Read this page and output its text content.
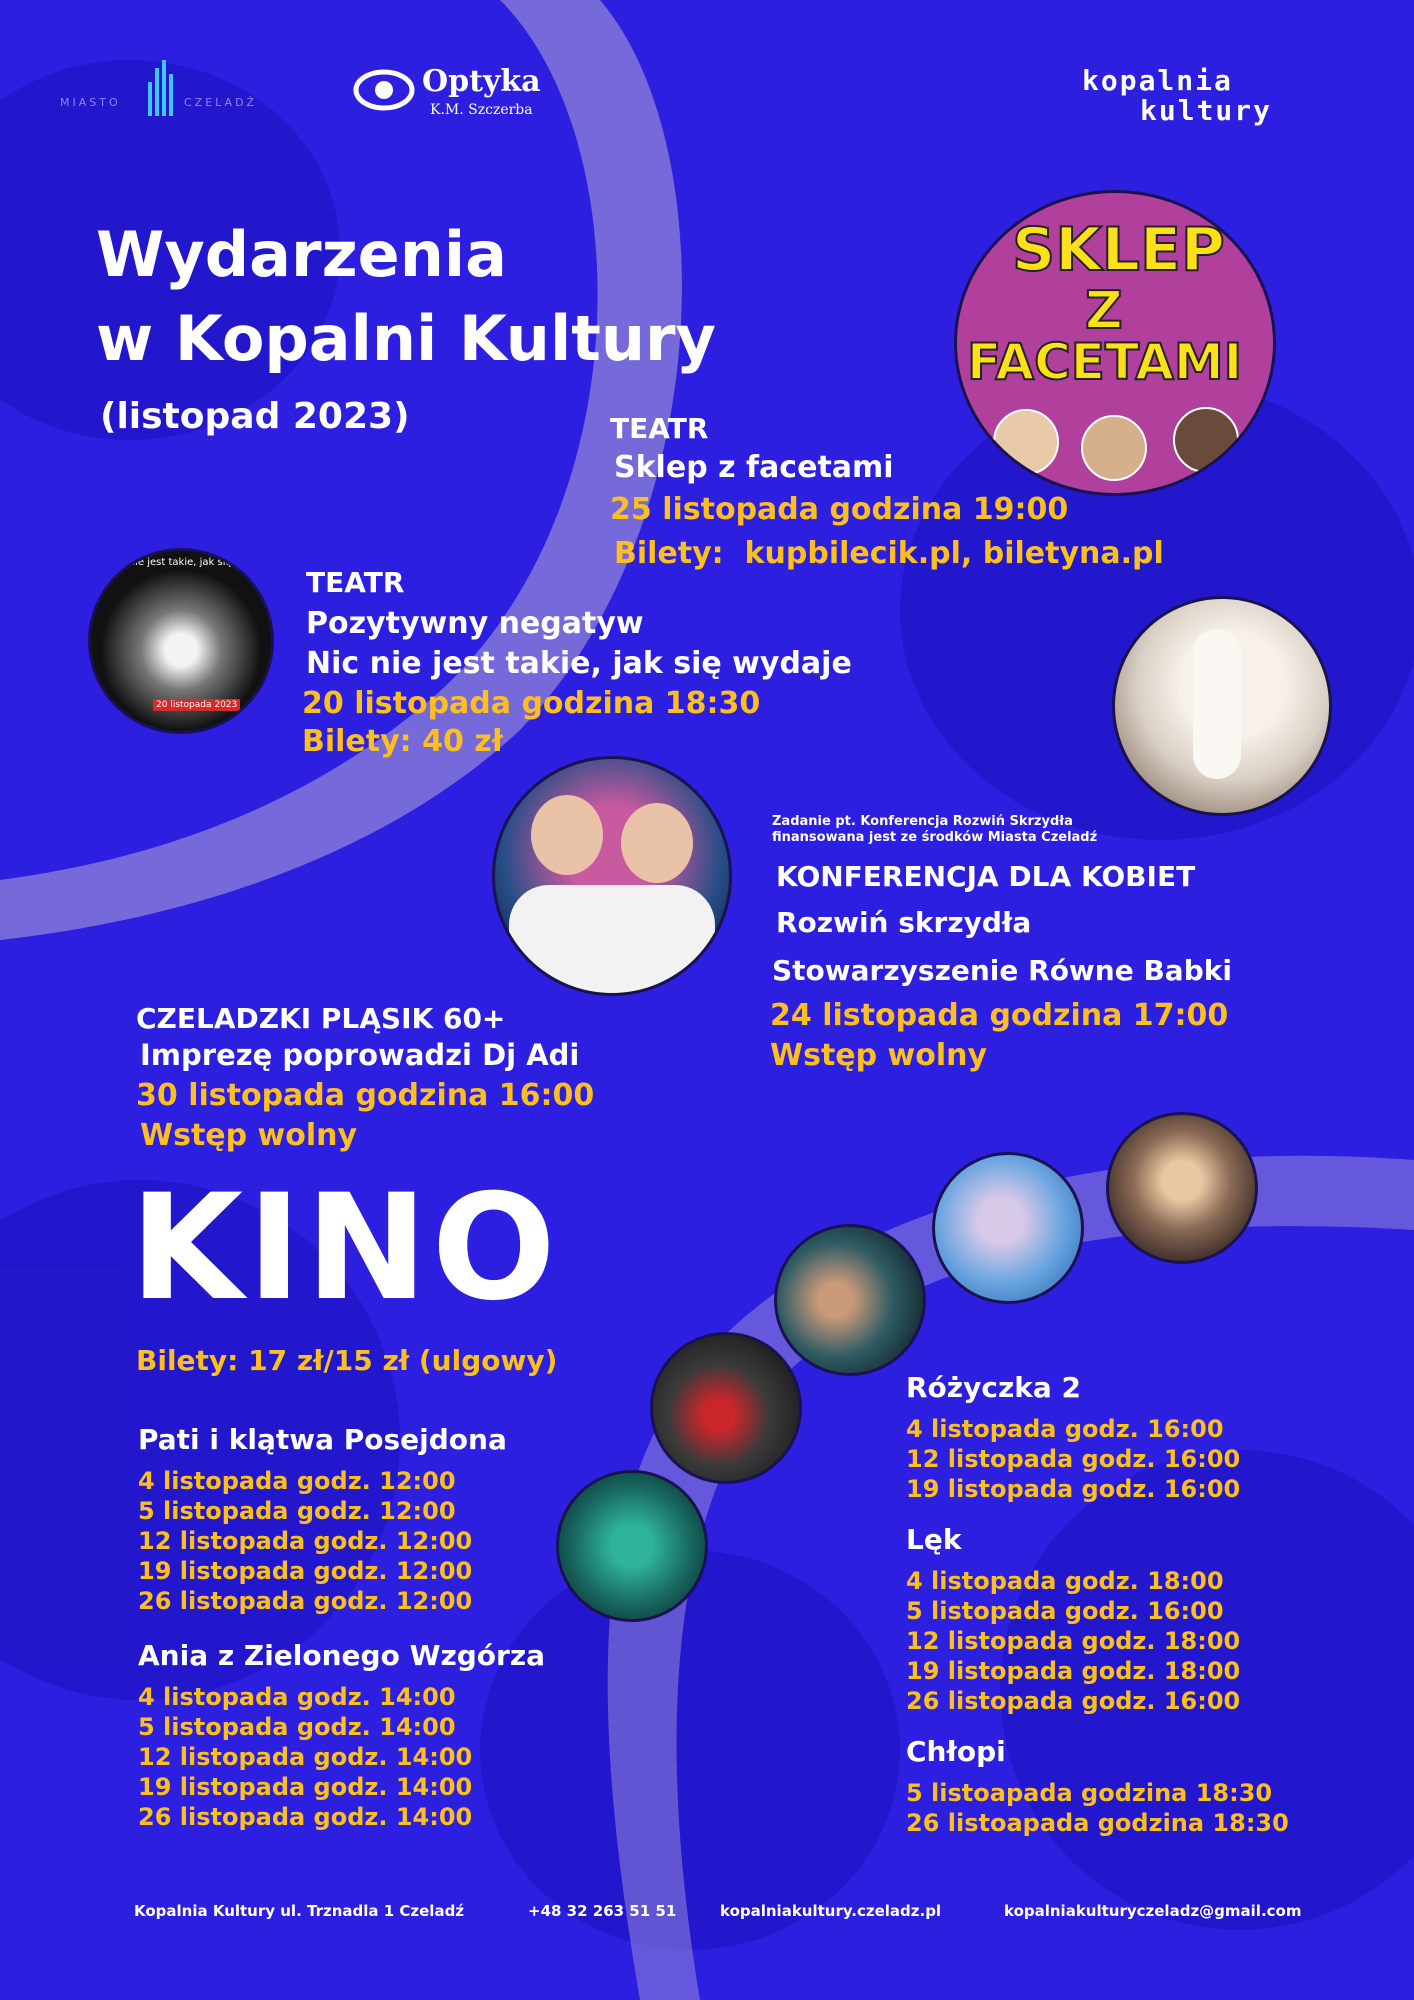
MIASTO	CZELADŹ
Optyka
K.M. Szczerba
kopalnia
kultury
Wydarzenia
w Kopalni Kultury
(listopad 2023)
SKLEP
Z
FACETAMI
TEATR
Sklep z facetami
25 listopada godzina 19:00
Bilety:  kupbilecik.pl, biletyna.pl
nic nie jest takie, jak się
20 listopada 2023
TEATR
Pozytywny negatyw
Nic nie jest takie, jak się wydaje
20 listopada godzina 18:30
Bilety: 40 zł
Zadanie pt. Konferencja Rozwiń Skrzydła
finansowana jest ze środków Miasta Czeladź
KONFERENCJA DLA KOBIET
Rozwiń skrzydła
Stowarzyszenie Równe Babki
24 listopada godzina 17:00
Wstęp wolny
CZELADZKI PLĄSIK 60+
Imprezę poprowadzi Dj Adi
30 listopada godzina 16:00
Wstęp wolny
KINO
Bilety: 17 zł/15 zł (ulgowy)
Pati i klątwa Posejdona
4 listopada godz. 12:00
5 listopada godz. 12:00
12 listopada godz. 12:00
19 listopada godz. 12:00
26 listopada godz. 12:00
Ania z Zielonego Wzgórza
4 listopada godz. 14:00
5 listopada godz. 14:00
12 listopada godz. 14:00
19 listopada godz. 14:00
26 listopada godz. 14:00
Różyczka 2
4 listopada godz. 16:00
12 listopada godz. 16:00
19 listopada godz. 16:00
Lęk
4 listopada godz. 18:00
5 listopada godz. 16:00
12 listopada godz. 18:00
19 listopada godz. 18:00
26 listopada godz. 16:00
Chłopi
5 listoapada godzina 18:30
26 listoapada godzina 18:30
Kopalnia Kultury ul. Trznadla 1 Czeladź	+48 32 263 51 51	kopalniakultury.czeladz.pl	kopalniakulturyczeladz@gmail.com
